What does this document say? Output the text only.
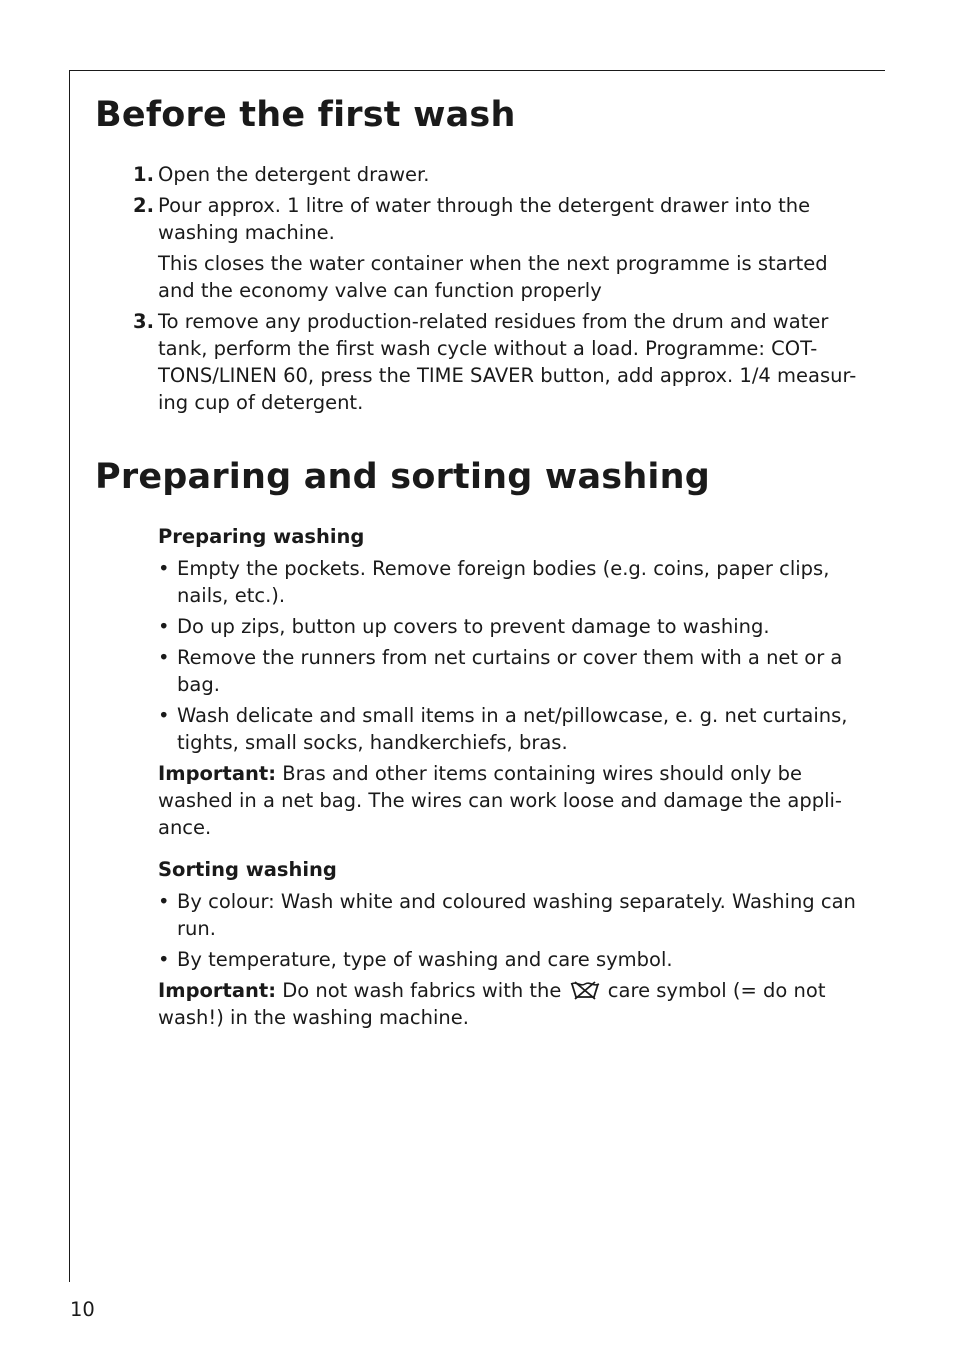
Before the first wash
1. Open the detergent drawer.
2. Pour approx. 1 litre of water through the detergent drawer into the washing machine.
This closes the water container when the next programme is started and the economy valve can function properly
3. To remove any production-related residues from the drum and water tank, perform the first wash cycle without a load. Programme: COT-TONS/LINEN 60, press the TIME SAVER button, add approx. 1/4 measur-ing cup of detergent.
Preparing and sorting washing
Preparing washing
• Empty the pockets. Remove foreign bodies (e.g. coins, paper clips, nails, etc.).
• Do up zips, button up covers to prevent damage to washing.
• Remove the runners from net curtains or cover them with a net or a bag.
• Wash delicate and small items in a net/pillowcase, e. g. net curtains, tights, small socks, handkerchiefs, bras.
Important: Bras and other items containing wires should only be washed in a net bag. The wires can work loose and damage the appli-ance.
Sorting washing
• By colour: Wash white and coloured washing separately. Washing can run.
• By temperature, type of washing and care symbol.
Important: Do not wash fabrics with the  care symbol (= do not wash!) in the washing machine.
10
